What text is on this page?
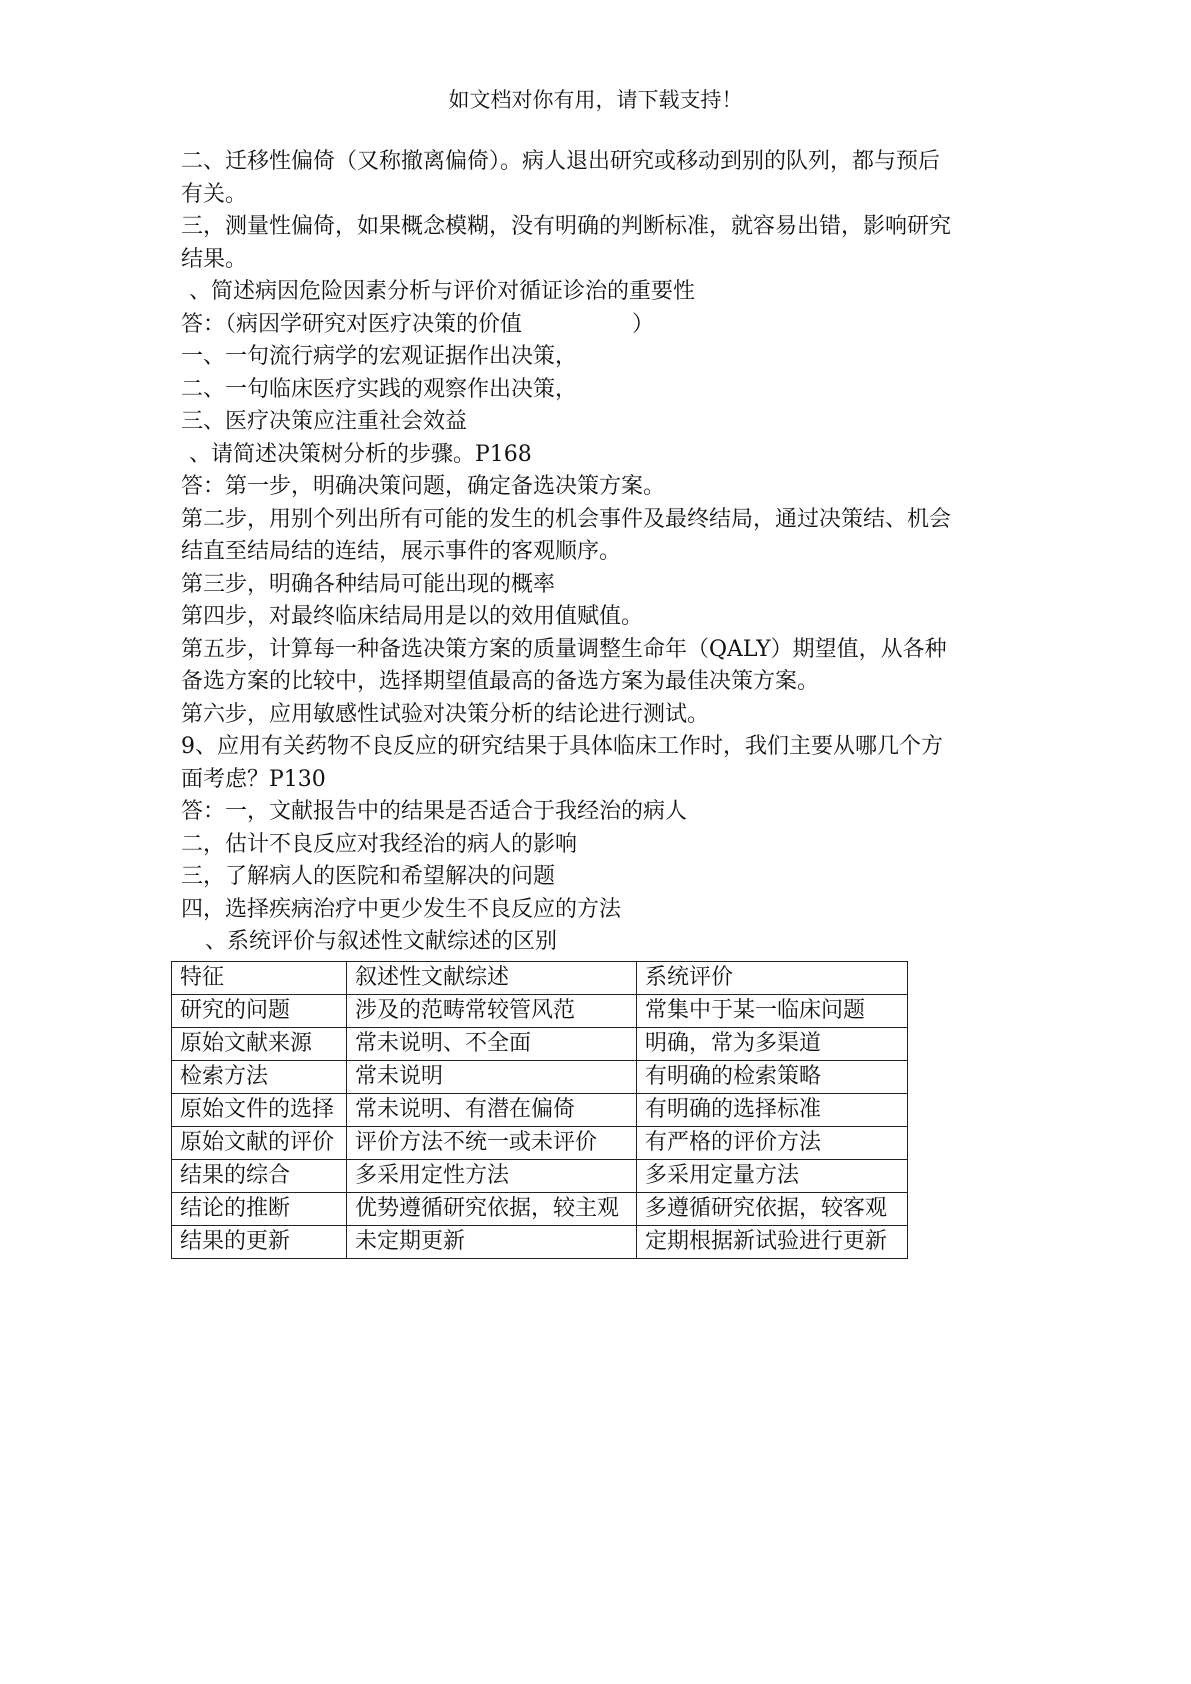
如文档对你有用，请下载支持！
二、迁移性偏倚（又称撤离偏倚）。病人退出研究或移动到别的队列，都与预后
有关。
三，测量性偏倚，如果概念模糊，没有明确的判断标准，就容易出错，影响研究
结果。
、简述病因危险因素分析与评价对循证诊治的重要性
答：（病因学研究对医疗决策的价值　　　　　）
一、一句流行病学的宏观证据作出决策，
二、一句临床医疗实践的观察作出决策，
三、医疗决策应注重社会效益
、请简述决策树分析的步骤。P168
答：第一步，明确决策问题，确定备选决策方案。
第二步，用别个列出所有可能的发生的机会事件及最终结局，通过决策结、机会
结直至结局结的连结，展示事件的客观顺序。
第三步，明确各种结局可能出现的概率
第四步，对最终临床结局用是以的效用值赋值。
第五步，计算每一种备选决策方案的质量调整生命年（QALY）期望值，从各种
备选方案的比较中，选择期望值最高的备选方案为最佳决策方案。
第六步，应用敏感性试验对决策分析的结论进行测试。
9、应用有关药物不良反应的研究结果于具体临床工作时，我们主要从哪几个方
面考虑？P130
答：一，文献报告中的结果是否适合于我经治的病人
二，估计不良反应对我经治的病人的影响
三，了解病人的医院和希望解决的问题
四，选择疾病治疗中更少发生不良反应的方法
、系统评价与叙述性文献综述的区别
特征	叙述性文献综述	系统评价
研究的问题	涉及的范畴常较管风范	常集中于某一临床问题
原始文献来源	常未说明、不全面	明确，常为多渠道
检索方法	常未说明	有明确的检索策略
原始文件的选择	常未说明、有潜在偏倚	有明确的选择标准
原始文献的评价	评价方法不统一或未评价	有严格的评价方法
结果的综合	多采用定性方法	多采用定量方法
结论的推断	优势遵循研究依据，较主观	多遵循研究依据，较客观
结果的更新	未定期更新	定期根据新试验进行更新
